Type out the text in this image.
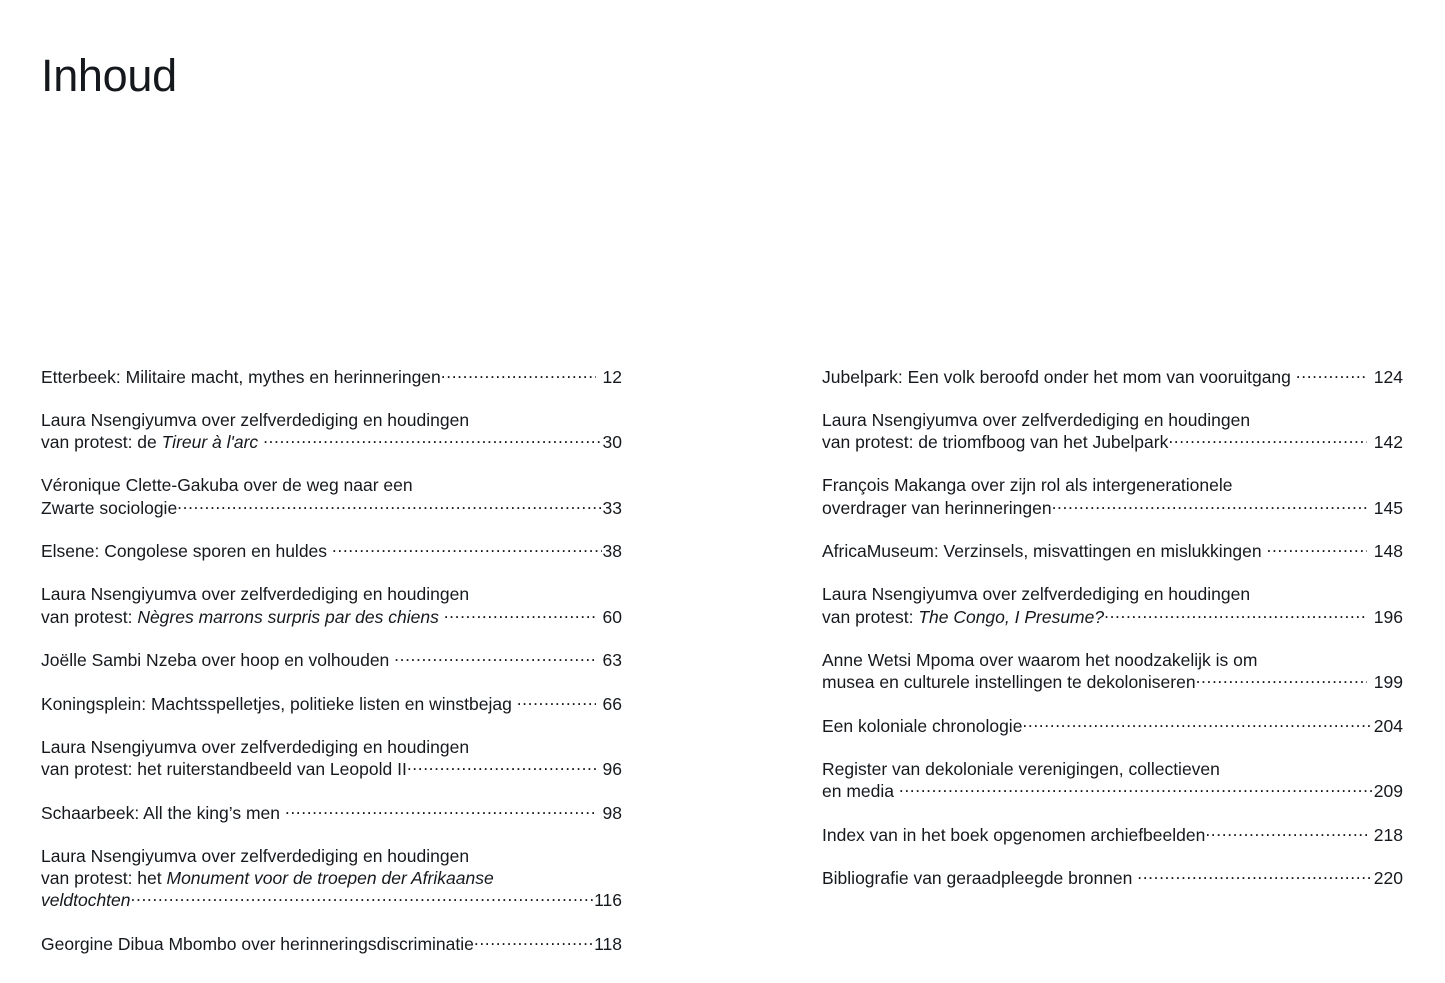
Inhoud
Etterbeek: Militaire macht, mythes en herinneringen .....	12
Laura Nsengiyumva over zelfverdediging en houdingen
van protest: de Tireur à l'arc .....	30
Véronique Clette-Gakuba over de weg naar een
Zwarte sociologie .....	33
Elsene: Congolese sporen en huldes .....	38
Laura Nsengiyumva over zelfverdediging en houdingen
van protest: Nègres marrons surpris par des chiens .....	60
Joëlle Sambi Nzeba over hoop en volhouden .....	63
Koningsplein: Machtsspelletjes, politieke listen en winstbejag .....	66
Laura Nsengiyumva over zelfverdediging en houdingen
van protest: het ruiterstandbeeld van Leopold II .....	96
Schaarbeek: All the king’s men .....	98
Laura Nsengiyumva over zelfverdediging en houdingen
van protest: het Monument voor de troepen der Afrikaanse
veldtochten .....	116
Georgine Dibua Mbombo over herinneringsdiscriminatie .....	118
Jubelpark: Een volk beroofd onder het mom van vooruitgang .....	124
Laura Nsengiyumva over zelfverdediging en houdingen
van protest: de triomfboog van het Jubelpark .....	142
François Makanga over zijn rol als intergenerationele
overdrager van herinneringen .....	145
AfricaMuseum: Verzinsels, misvattingen en mislukkingen .....	148
Laura Nsengiyumva over zelfverdediging en houdingen
van protest: The Congo, I Presume? .....	196
Anne Wetsi Mpoma over waarom het noodzakelijk is om
musea en culturele instellingen te dekoloniseren .....	199
Een koloniale chronologie .....	204
Register van dekoloniale verenigingen, collectieven
en media .....	209
Index van in het boek opgenomen archiefbeelden .....	218
Bibliografie van geraadpleegde bronnen .....	220
